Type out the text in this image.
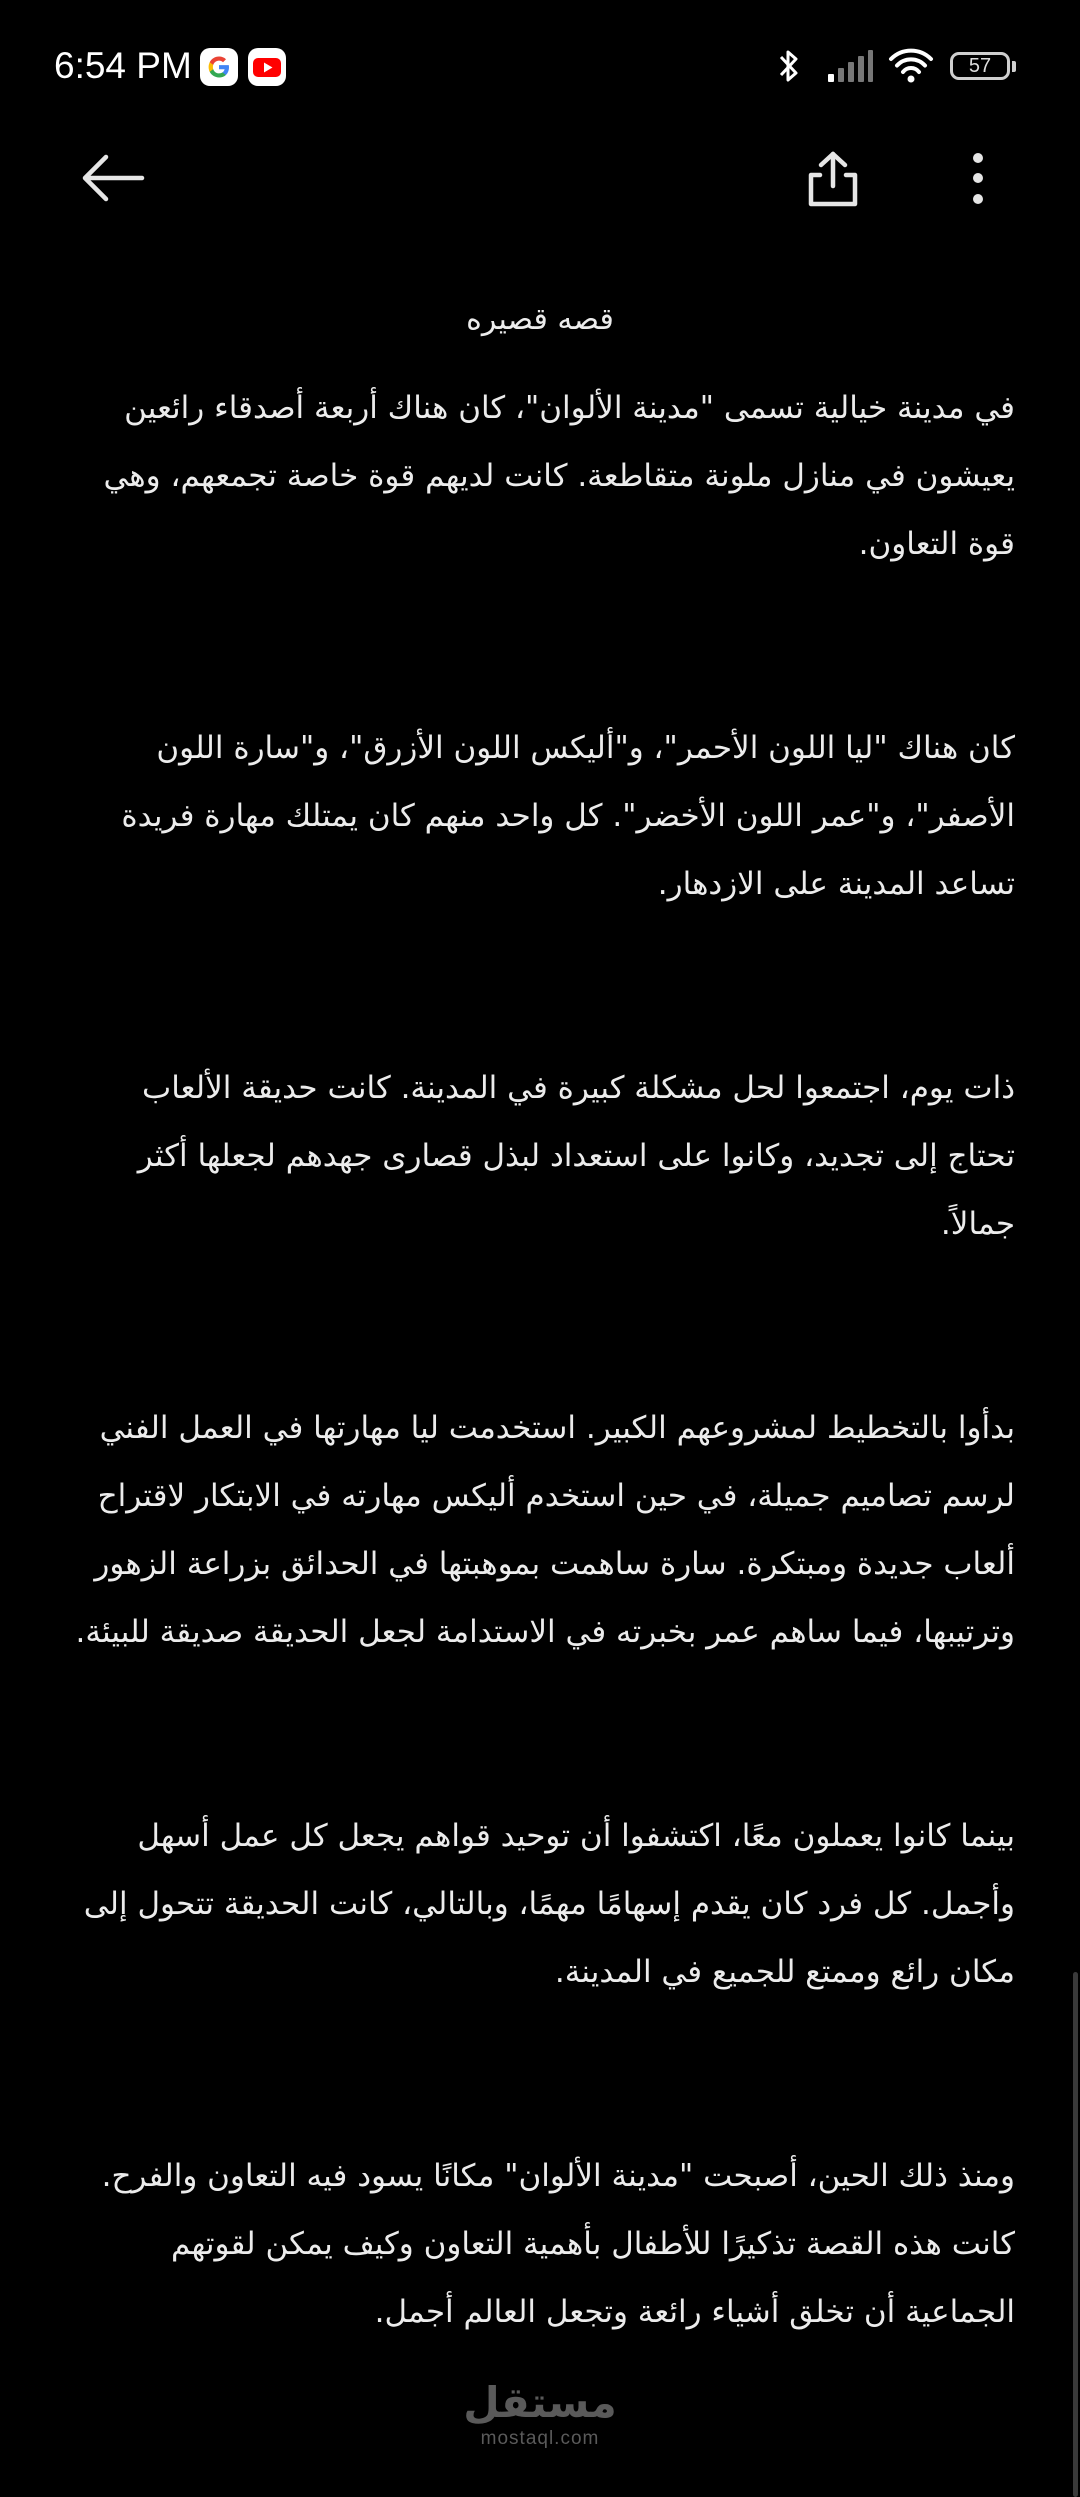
6:54 PM	57
قصه قصيره

في مدينة خيالية تسمى "مدينة الألوان"، كان هناك أربعة أصدقاء رائعين يعيشون في منازل ملونة متقاطعة. كانت لديهم قوة خاصة تجمعهم، وهي قوة التعاون.

كان هناك "ليا اللون الأحمر"، و"أليكس اللون الأزرق"، و"سارة اللون الأصفر"، و"عمر اللون الأخضر". كل واحد منهم كان يمتلك مهارة فريدة تساعد المدينة على الازدهار.

ذات يوم، اجتمعوا لحل مشكلة كبيرة في المدينة. كانت حديقة الألعاب تحتاج إلى تجديد، وكانوا على استعداد لبذل قصارى جهدهم لجعلها أكثر جمالاً.

بدأوا بالتخطيط لمشروعهم الكبير. استخدمت ليا مهارتها في العمل الفني لرسم تصاميم جميلة، في حين استخدم أليكس مهارته في الابتكار لاقتراح ألعاب جديدة ومبتكرة. سارة ساهمت بموهبتها في الحدائق بزراعة الزهور وترتيبها، فيما ساهم عمر بخبرته في الاستدامة لجعل الحديقة صديقة للبيئة.

بينما كانوا يعملون معًا، اكتشفوا أن توحيد قواهم يجعل كل عمل أسهل وأجمل. كل فرد كان يقدم إسهامًا مهمًا، وبالتالي، كانت الحديقة تتحول إلى مكان رائع وممتع للجميع في المدينة.

ومنذ ذلك الحين، أصبحت "مدينة الألوان" مكانًا يسود فيه التعاون والفرح. كانت هذه القصة تذكيرًا للأطفال بأهمية التعاون وكيف يمكن لقوتهم الجماعية أن تخلق أشياء رائعة وتجعل العالم أجمل.

مستقل
mostaql.com
